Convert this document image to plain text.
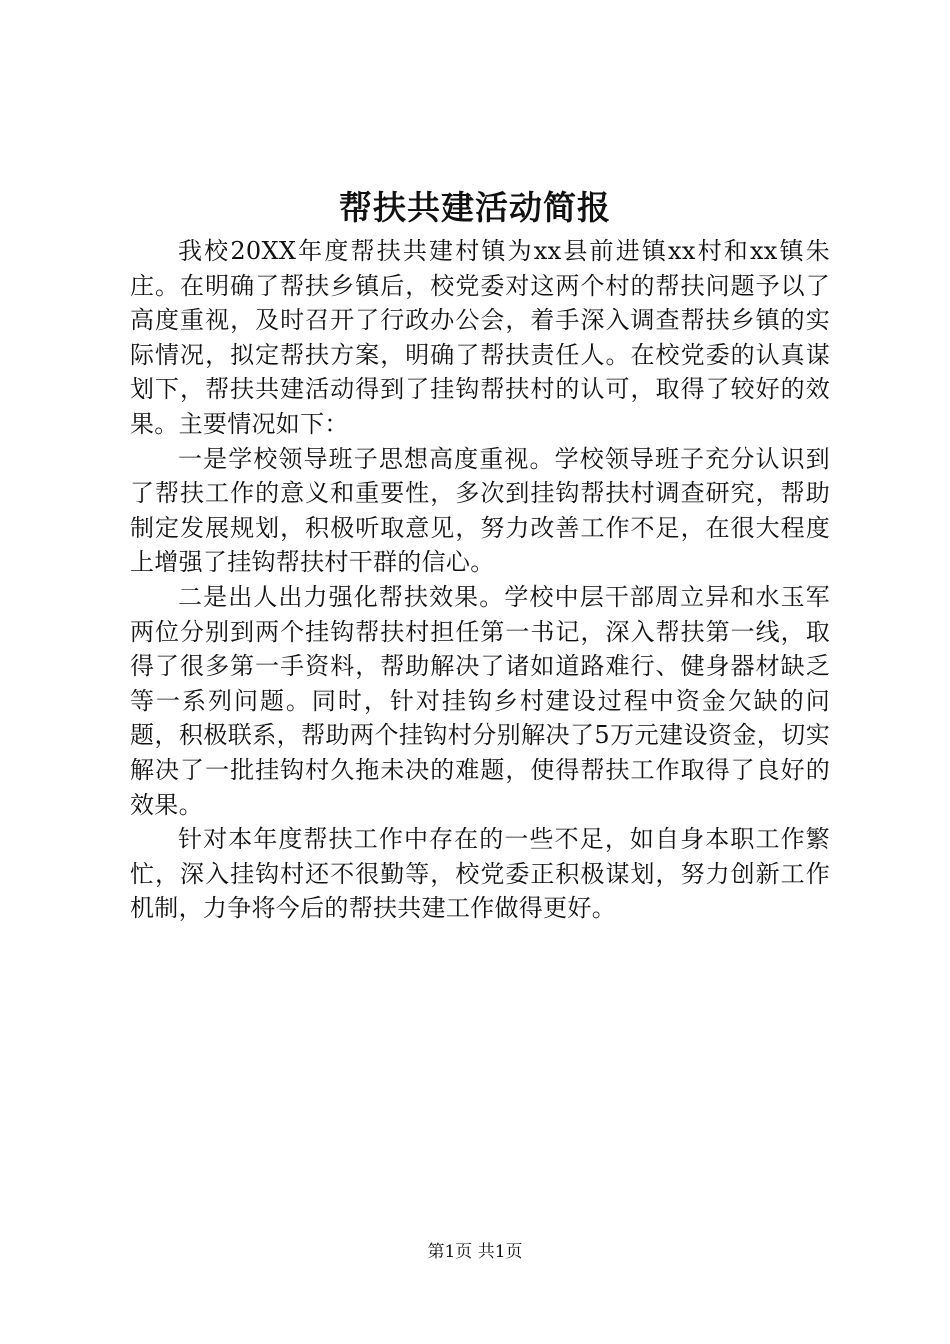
帮扶共建活动简报

我校20XX年度帮扶共建村镇为xx县前进镇xx村和xx镇朱庄。在明确了帮扶乡镇后，校党委对这两个村的帮扶问题予以了高度重视，及时召开了行政办公会，着手深入调查帮扶乡镇的实际情况，拟定帮扶方案，明确了帮扶责任人。在校党委的认真谋划下，帮扶共建活动得到了挂钩帮扶村的认可，取得了较好的效果。主要情况如下：

一是学校领导班子思想高度重视。学校领导班子充分认识到了帮扶工作的意义和重要性，多次到挂钩帮扶村调查研究，帮助制定发展规划，积极听取意见，努力改善工作不足，在很大程度上增强了挂钩帮扶村干群的信心。

二是出人出力强化帮扶效果。学校中层干部周立异和水玉军两位分别到两个挂钩帮扶村担任第一书记，深入帮扶第一线，取得了很多第一手资料，帮助解决了诸如道路难行、健身器材缺乏等一系列问题。同时，针对挂钩乡村建设过程中资金欠缺的问题，积极联系，帮助两个挂钩村分别解决了5万元建设资金，切实解决了一批挂钩村久拖未决的难题，使得帮扶工作取得了良好的效果。

针对本年度帮扶工作中存在的一些不足，如自身本职工作繁忙，深入挂钩村还不很勤等，校党委正积极谋划，努力创新工作机制，力争将今后的帮扶共建工作做得更好。

第1页 共1页
